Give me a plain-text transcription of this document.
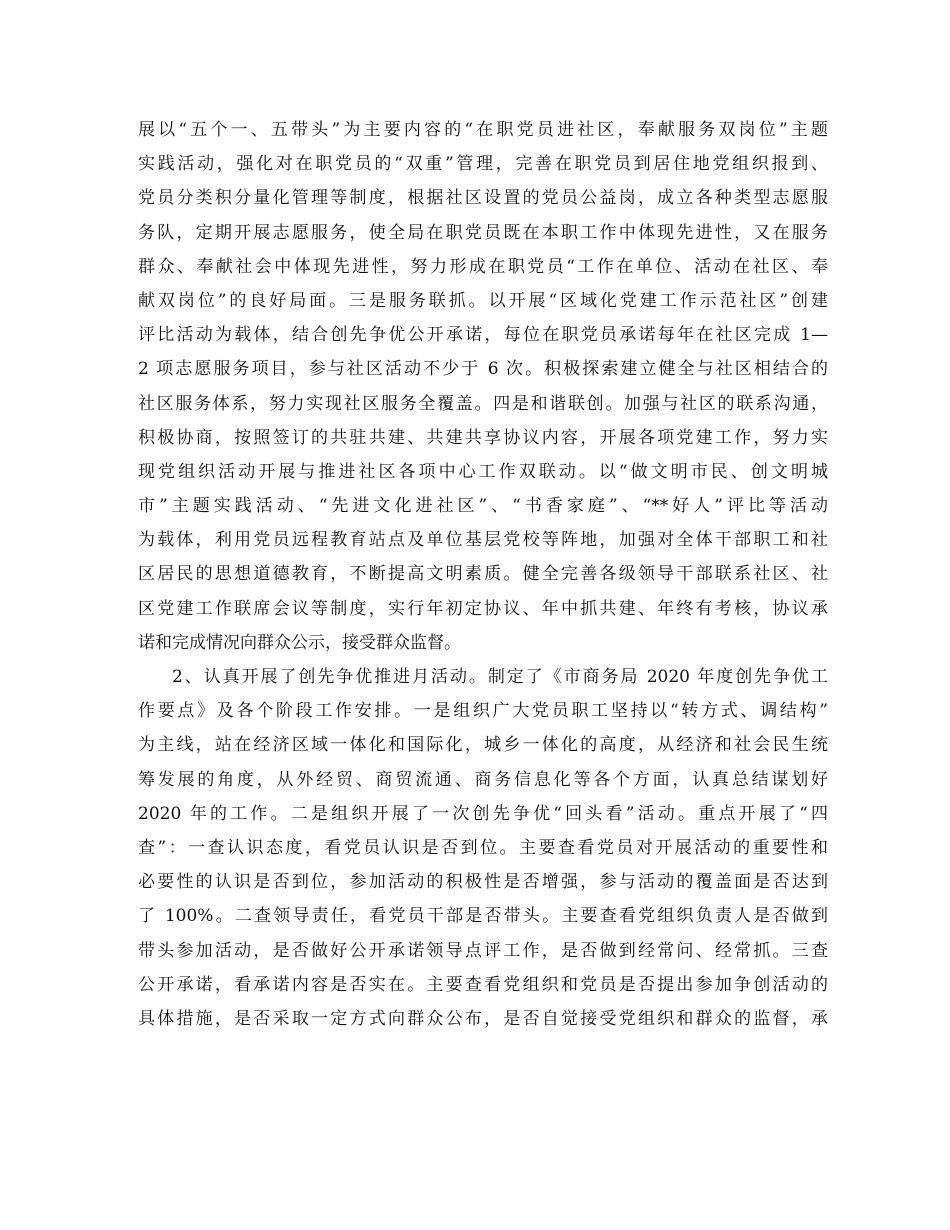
展以“五个一、五带头”为主要内容的“在职党员进社区，奉献服务双岗位”主题
实践活动，强化对在职党员的“双重”管理，完善在职党员到居住地党组织报到、
党员分类积分量化管理等制度，根据社区设置的党员公益岗，成立各种类型志愿服
务队，定期开展志愿服务，使全局在职党员既在本职工作中体现先进性，又在服务
群众、奉献社会中体现先进性，努力形成在职党员“工作在单位、活动在社区、奉
献双岗位”的良好局面。三是服务联抓。以开展“区域化党建工作示范社区”创建
评比活动为载体，结合创先争优公开承诺，每位在职党员承诺每年在社区完成 1—
2 项志愿服务项目，参与社区活动不少于 6 次。积极探索建立健全与社区相结合的
社区服务体系，努力实现社区服务全覆盖。四是和谐联创。加强与社区的联系沟通，
积极协商，按照签订的共驻共建、共建共享协议内容，开展各项党建工作，努力实
现党组织活动开展与推进社区各项中心工作双联动。以“做文明市民、创文明城
市”主题实践活动、“先进文化进社区”、“书香家庭”、“**好人”评比等活动
为载体，利用党员远程教育站点及单位基层党校等阵地，加强对全体干部职工和社
区居民的思想道德教育，不断提高文明素质。健全完善各级领导干部联系社区、社
区党建工作联席会议等制度，实行年初定协议、年中抓共建、年终有考核，协议承
诺和完成情况向群众公示，接受群众监督。
2、认真开展了创先争优推进月活动。制定了《市商务局 2020 年度创先争优工
作要点》及各个阶段工作安排。一是组织广大党员职工坚持以“转方式、调结构”
为主线，站在经济区域一体化和国际化，城乡一体化的高度，从经济和社会民生统
筹发展的角度，从外经贸、商贸流通、商务信息化等各个方面，认真总结谋划好
2020 年的工作。二是组织开展了一次创先争优“回头看”活动。重点开展了“四
查”：一查认识态度，看党员认识是否到位。主要查看党员对开展活动的重要性和
必要性的认识是否到位，参加活动的积极性是否增强，参与活动的覆盖面是否达到
了 100%。二查领导责任，看党员干部是否带头。主要查看党组织负责人是否做到
带头参加活动，是否做好公开承诺领导点评工作，是否做到经常问、经常抓。三查
公开承诺，看承诺内容是否实在。主要查看党组织和党员是否提出参加争创活动的
具体措施，是否采取一定方式向群众公布，是否自觉接受党组织和群众的监督，承
